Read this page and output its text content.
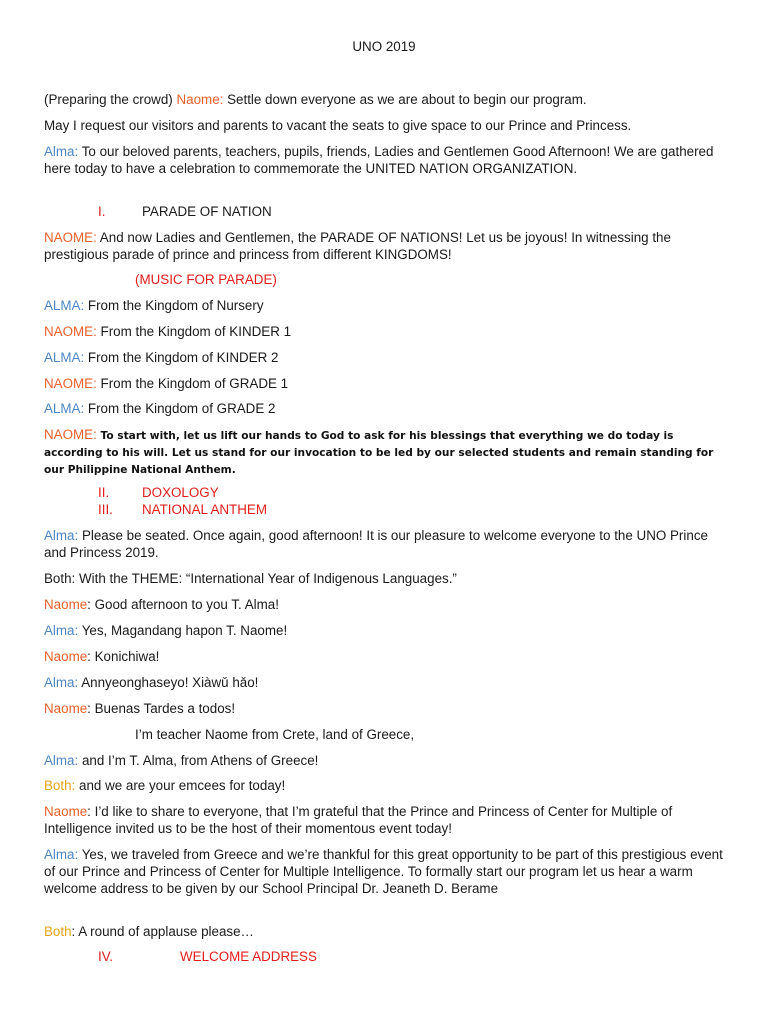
UNO 2019
(Preparing the crowd) Naome: Settle down everyone as we are about to begin our program.
May I request our visitors and parents to vacant the seats to give space to our Prince and Princess.
Alma: To our beloved parents, teachers, pupils, friends, Ladies and Gentlemen Good Afternoon! We are gathered here today to have a celebration to commemorate the UNITED NATION ORGANIZATION.
I.	PARADE OF NATION
NAOME: And now Ladies and Gentlemen, the PARADE OF NATIONS! Let us be joyous! In witnessing the prestigious parade of prince and princess from different KINGDOMS!
(MUSIC FOR PARADE)
ALMA: From the Kingdom of Nursery
NAOME: From the Kingdom of KINDER 1
ALMA: From the Kingdom of KINDER 2
NAOME: From the Kingdom of GRADE 1
ALMA: From the Kingdom of GRADE 2
NAOME: To start with, let us lift our hands to God to ask for his blessings that everything we do today is according to his will. Let us stand for our invocation to be led by our selected students and remain standing for our Philippine National Anthem.
II. DOXOLOGY
III. NATIONAL ANTHEM
Alma: Please be seated. Once again, good afternoon! It is our pleasure to welcome everyone to the UNO Prince and Princess 2019.
Both: With the THEME: “International Year of Indigenous Languages.”
Naome: Good afternoon to you T. Alma!
Alma: Yes, Magandang hapon T. Naome!
Naome: Konichiwa!
Alma: Annyeonghaseyo! Xiàwǔ hǎo!
Naome: Buenas Tardes a todos!
I’m teacher Naome from Crete, land of Greece,
Alma: and I’m T. Alma, from Athens of Greece!
Both: and we are your emcees for today!
Naome: I’d like to share to everyone, that I’m grateful that the Prince and Princess of Center for Multiple of Intelligence invited us to be the host of their momentous event today!
Alma: Yes, we traveled from Greece and we’re thankful for this great opportunity to be part of this prestigious event of our Prince and Princess of Center for Multiple Intelligence. To formally start our program let us hear a warm welcome address to be given by our School Principal Dr. Jeaneth D. Berame
Both: A round of applause please…
IV.	WELCOME ADDRESS
